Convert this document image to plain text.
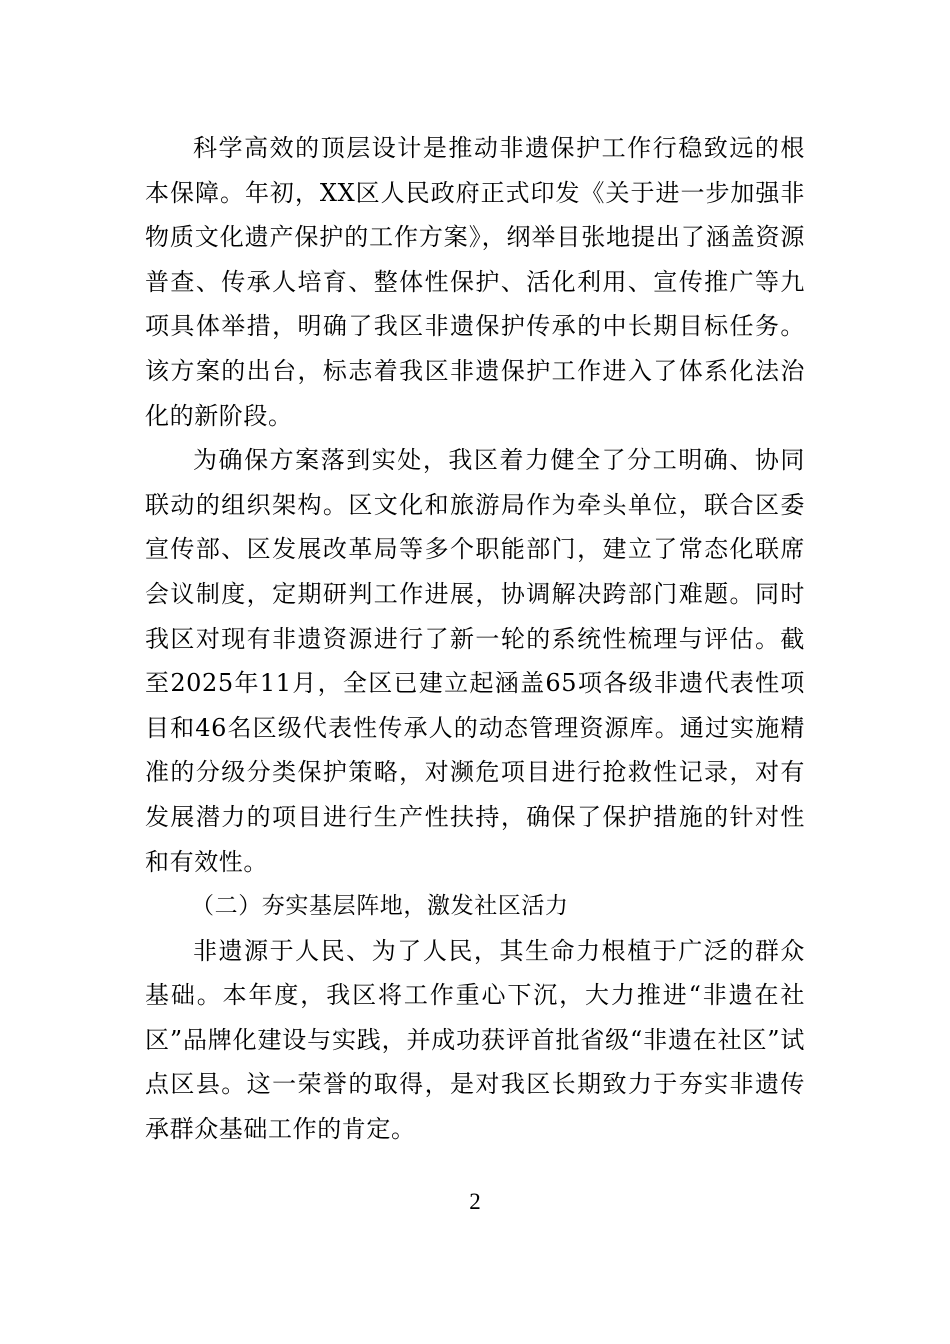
科学高效的顶层设计是推动非遗保护工作行稳致远的根本保障。年初，XX区人民政府正式印发《关于进一步加强非物质文化遗产保护的工作方案》，纲举目张地提出了涵盖资源普查、传承人培育、整体性保护、活化利用、宣传推广等九项具体举措，明确了我区非遗保护传承的中长期目标任务。该方案的出台，标志着我区非遗保护工作进入了体系化法治化的新阶段。

为确保方案落到实处，我区着力健全了分工明确、协同联动的组织架构。区文化和旅游局作为牵头单位，联合区委宣传部、区发展改革局等多个职能部门，建立了常态化联席会议制度，定期研判工作进展，协调解决跨部门难题。同时我区对现有非遗资源进行了新一轮的系统性梳理与评估。截至2025年11月，全区已建立起涵盖65项各级非遗代表性项目和46名区级代表性传承人的动态管理资源库。通过实施精准的分级分类保护策略，对濒危项目进行抢救性记录，对有发展潜力的项目进行生产性扶持，确保了保护措施的针对性和有效性。

（二）夯实基层阵地，激发社区活力

非遗源于人民、为了人民，其生命力根植于广泛的群众基础。本年度，我区将工作重心下沉，大力推进“非遗在社区”品牌化建设与实践，并成功获评首批省级“非遗在社区”试点区县。这一荣誉的取得，是对我区长期致力于夯实非遗传承群众基础工作的肯定。

2
